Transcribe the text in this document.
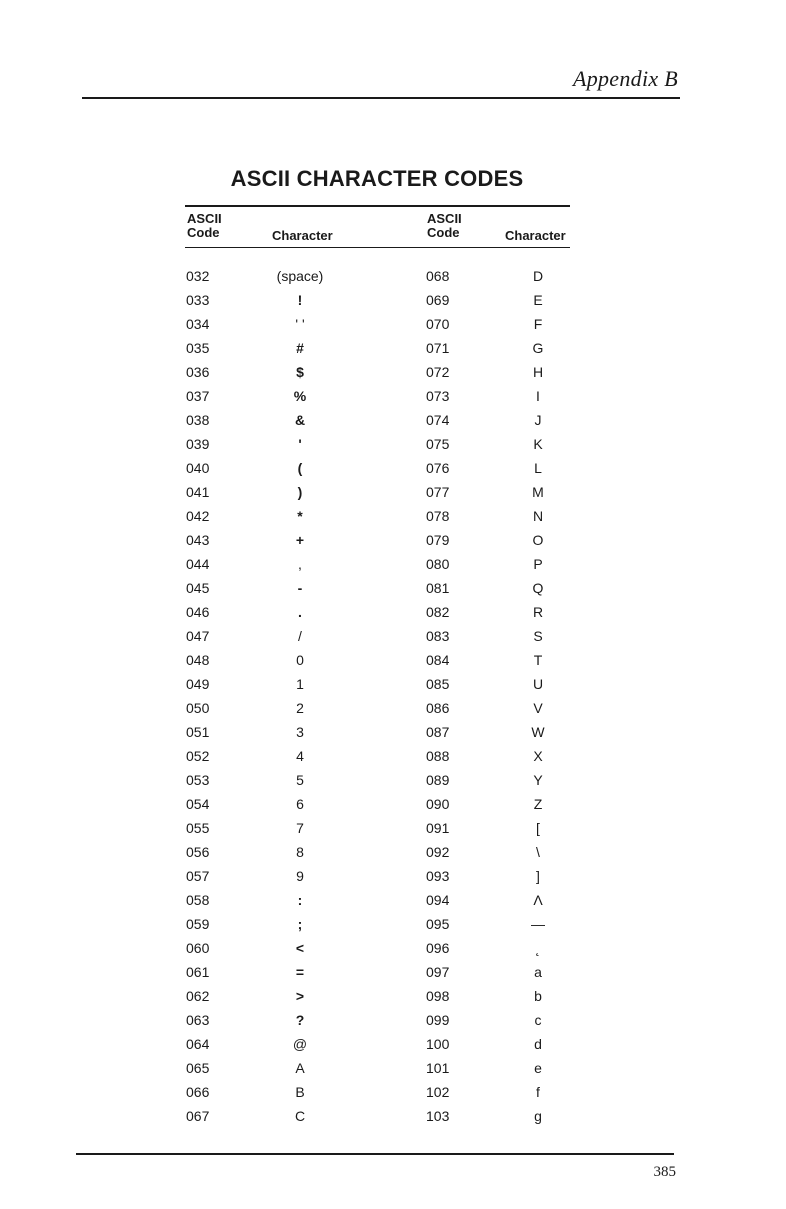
Appendix B
ASCII CHARACTER CODES
ASCII
Code	Character
ASCII
Code	Character
032	(space)	068	D
033	!	069	E
034	' '	070	F
035	#	071	G
036	$	072	H
037	%	073	I
038	&	074	J
039	'	075	K
040	(	076	L
041	)	077	M
042	*	078	N
043	+	079	O
044	,	080	P
045	-	081	Q
046	.	082	R
047	/	083	S
048	0	084	T
049	1	085	U
050	2	086	V
051	3	087	W
052	4	088	X
053	5	089	Y
054	6	090	Z
055	7	091	[
056	8	092	\
057	9	093	]
058	:	094	Λ
059	;	095	—
060	<	096	˛
061	=	097	a
062	>	098	b
063	?	099	c
064	@	100	d
065	A	101	e
066	B	102	f
067	C	103	g
385
